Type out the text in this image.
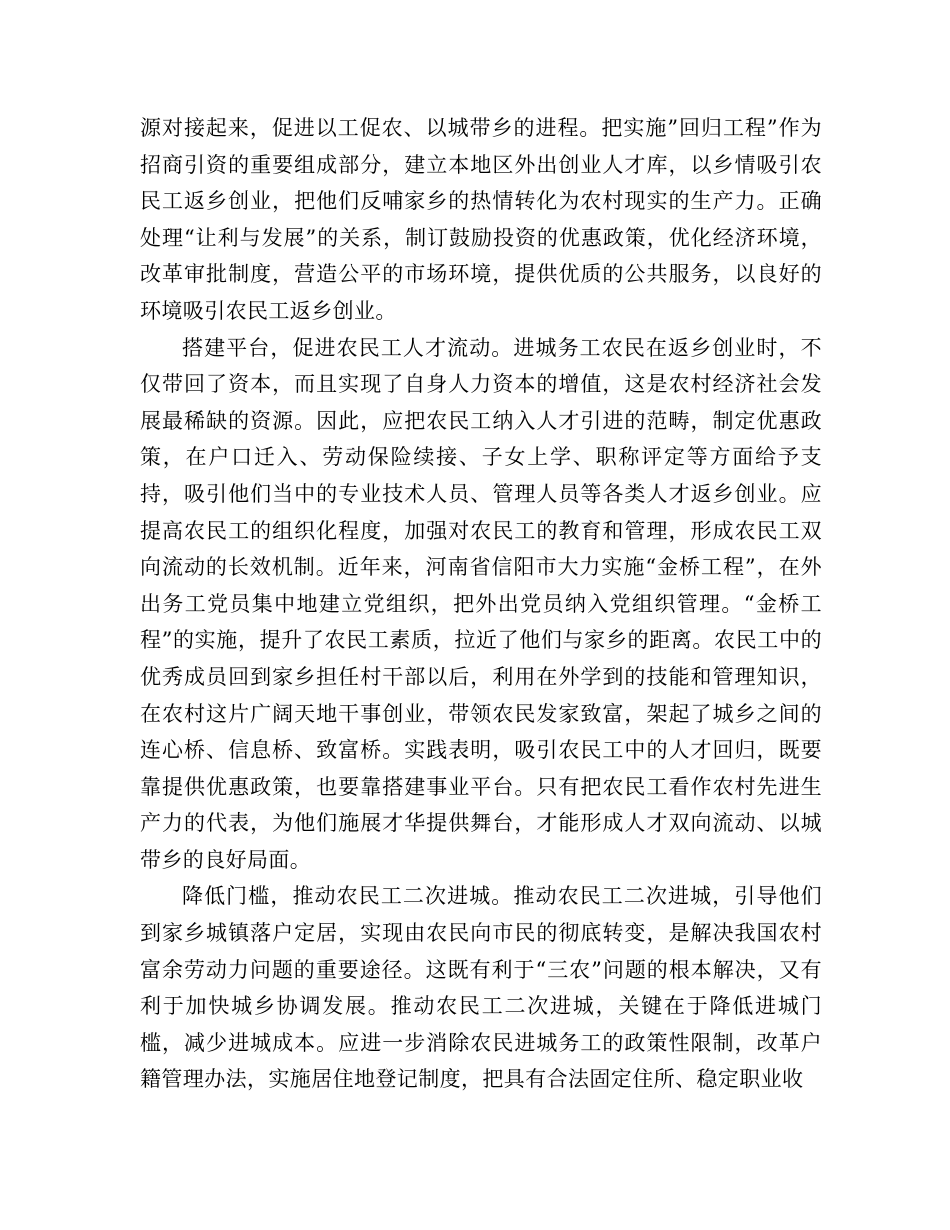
源对接起来，促进以工促农、以城带乡的进程。把实施”回归工程”作为招商引资的重要组成部分，建立本地区外出创业人才库，以乡情吸引农民工返乡创业，把他们反哺家乡的热情转化为农村现实的生产力。正确处理“让利与发展”的关系，制订鼓励投资的优惠政策，优化经济环境，改革审批制度，营造公平的市场环境，提供优质的公共服务，以良好的环境吸引农民工返乡创业。

搭建平台，促进农民工人才流动。进城务工农民在返乡创业时，不仅带回了资本，而且实现了自身人力资本的增值，这是农村经济社会发展最稀缺的资源。因此，应把农民工纳入人才引进的范畴，制定优惠政策，在户口迁入、劳动保险续接、子女上学、职称评定等方面给予支持，吸引他们当中的专业技术人员、管理人员等各类人才返乡创业。应提高农民工的组织化程度，加强对农民工的教育和管理，形成农民工双向流动的长效机制。近年来，河南省信阳市大力实施“金桥工程”，在外出务工党员集中地建立党组织，把外出党员纳入党组织管理。“金桥工程”的实施，提升了农民工素质，拉近了他们与家乡的距离。农民工中的优秀成员回到家乡担任村干部以后，利用在外学到的技能和管理知识，在农村这片广阔天地干事创业，带领农民发家致富，架起了城乡之间的连心桥、信息桥、致富桥。实践表明，吸引农民工中的人才回归，既要靠提供优惠政策，也要靠搭建事业平台。只有把农民工看作农村先进生产力的代表，为他们施展才华提供舞台，才能形成人才双向流动、以城带乡的良好局面。

降低门槛，推动农民工二次进城。推动农民工二次进城，引导他们到家乡城镇落户定居，实现由农民向市民的彻底转变，是解决我国农村富余劳动力问题的重要途径。这既有利于“三农”问题的根本解决，又有利于加快城乡协调发展。推动农民工二次进城，关键在于降低进城门槛，减少进城成本。应进一步消除农民进城务工的政策性限制，改革户籍管理办法，实施居住地登记制度，把具有合法固定住所、稳定职业收
